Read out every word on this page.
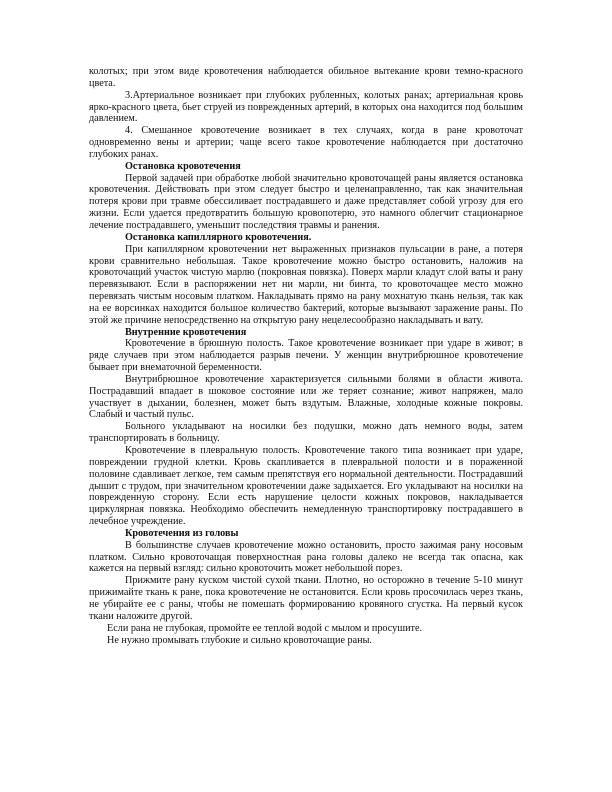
колотых; при этом виде кровотечения наблюдается обильное вытекание крови темно-красного цвета.

3.Артериальное возникает при глубоких рубленных, колотых ранах; артериальная кровь ярко-красного цвета, бьет струей из поврежденных артерий, в которых она находится под большим давлением.

4. Смешанное кровотечение возникает в тех случаях, когда в ране кровоточат одновременно вены и артерии; чаще всего такое кровотечение наблюдается при достаточно глубоких ранах.

Остановка кровотечения

Первой задачей при обработке любой значительно кровоточащей раны является остановка кровотечения. Действовать при этом следует быстро и целенаправленно, так как значительная потеря крови при травме обессиливает пострадавшего и даже представляет собой угрозу для его жизни. Если удается предотвратить большую кровопотерю, это намного облегчит стационарное лечение пострадавшего, уменьшит последствия травмы и ранения.

Остановка капиллярного кровотечения.

При капиллярном кровотечении нет выраженных признаков пульсации в ране, а потеря крови сравнительно небольшая. Такое кровотечение можно быстро остановить, наложив на кровоточащий участок чистую марлю (покровная повязка). Поверх марли кладут слой ваты и рану перевязывают. Если в распоряжении нет ни марли, ни бинта, то кровоточащее место можно перевязать чистым носовым платком. Накладывать прямо на рану мохнатую ткань нельзя, так как на ее ворсинках находится большое количество бактерий, которые вызывают заражение раны. По этой же причине непосредственно на открытую рану нецелесообразно накладывать и вату.

Внутренние кровотечения

Кровотечение в брюшную полость. Такое кровотечение возникает при ударе в живот; в ряде случаев при этом наблюдается разрыв печени. У женщин внутрибрюшное кровотечение бывает при внематочной беременности.

Внутрибрюшное кровотечение характеризуется сильными болями в области живота. Пострадавший впадает в шоковое состояние или же теряет сознание; живот напряжен, мало участвует в дыхании, болезнен, может быть вздутым. Влажные, холодные кожные покровы. Слабый и частый пульс.

Больного укладывают на носилки без подушки, можно дать немного воды, затем транспортировать в больницу.

Кровотечение в плевральную полость. Кровотечение такого типа возникает при ударе, повреждении грудной клетки. Кровь скапливается в плевральной полости и в пораженной половине сдавливает легкое, тем самым препятствуя его нормальной деятельности. Пострадавший дышит с трудом, при значительном кровотечении даже задыхается. Его укладывают на носилки на поврежденную сторону. Если есть нарушение целости кожных покровов, накладывается циркулярная повязка. Необходимо обеспечить немедленную транспортировку пострадавшего в лечебное учреждение.

Кровотечения из головы

В большинстве случаев кровотечение можно остановить, просто зажимая рану носовым платком. Сильно кровоточащая поверхностная рана головы далеко не всегда так опасна, как кажется на первый взгляд: сильно кровоточить может небольшой порез.

Прижмите рану куском чистой сухой ткани. Плотно, но осторожно в течение 5-10 минут прижимайте ткань к ране, пока кровотечение не остановится. Если кровь просочилась через ткань, не убирайте ее с раны, чтобы не помешать формированию кровяного сгустка. На первый кусок ткани наложите другой.

Если рана не глубокая, промойте ее теплой водой с мылом и просушите.

Не нужно промывать глубокие и сильно кровоточащие раны.
